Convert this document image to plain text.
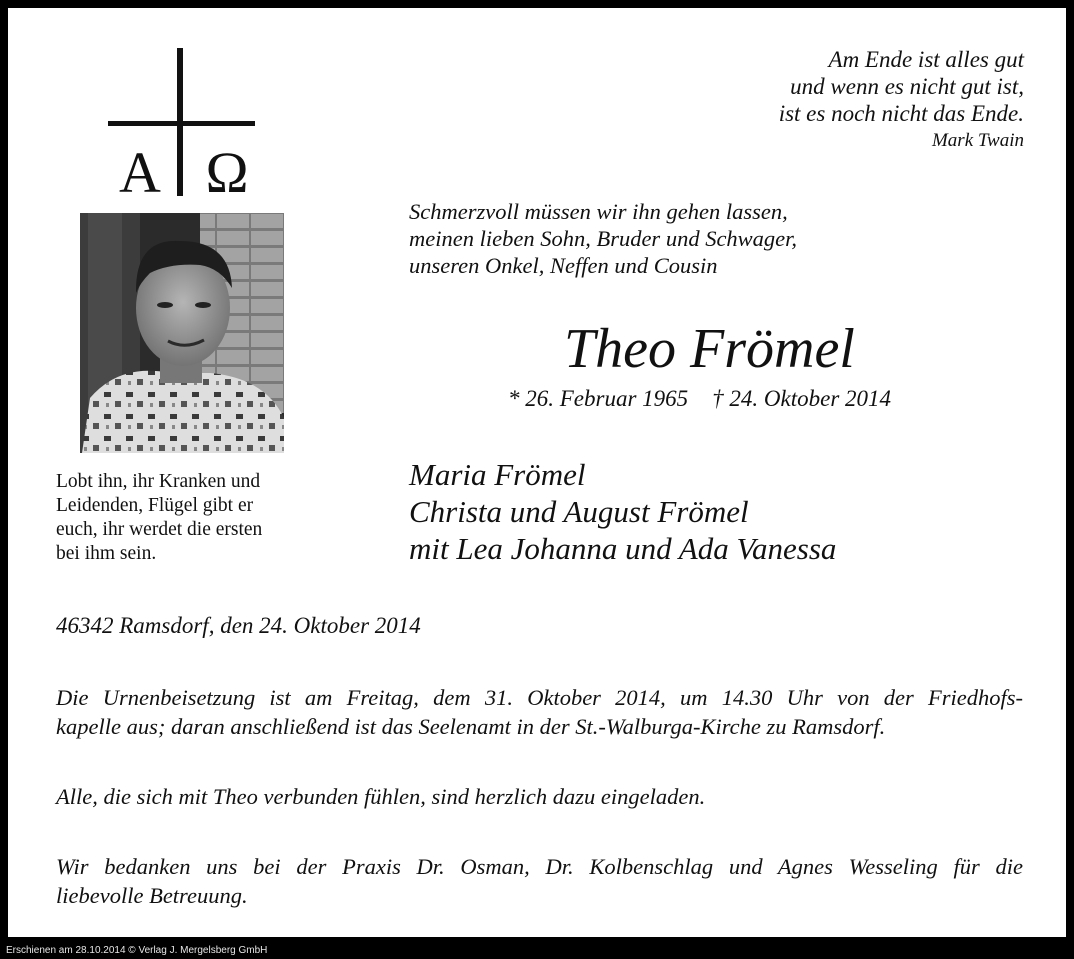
Am Ende ist alles gut
und wenn es nicht gut ist,
ist es noch nicht das Ende.
Mark Twain
A Ω
Lobt ihn, ihr Kranken und
Leidenden, Flügel gibt er
euch, ihr werdet die ersten
bei ihm sein.
Schmerzvoll müssen wir ihn gehen lassen,
meinen lieben Sohn, Bruder und Schwager,
unseren Onkel, Neffen und Cousin
Theo Frömel
* 26. Februar 1965 † 24. Oktober 2014
Maria Frömel
Christa und August Frömel
mit Lea Johanna und Ada Vanessa
46342 Ramsdorf, den 24. Oktober 2014
Die Urnenbeisetzung ist am Freitag, dem 31. Oktober 2014, um 14.30 Uhr von der Friedhofs-
kapelle aus; daran anschließend ist das Seelenamt in der St.-Walburga-Kirche zu Ramsdorf.
Alle, die sich mit Theo verbunden fühlen, sind herzlich dazu eingeladen.
Wir bedanken uns bei der Praxis Dr. Osman, Dr. Kolbenschlag und Agnes Wesseling für die
liebevolle Betreuung.
Erschienen am 28.10.2014 © Verlag J. Mergelsberg GmbH
